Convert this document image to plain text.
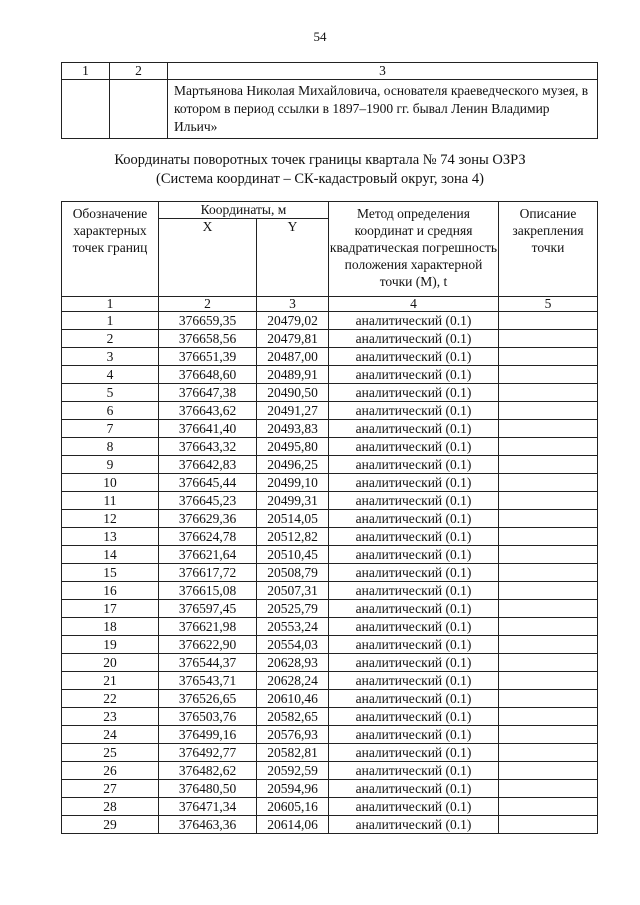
54
1	2	3
		Мартьянова Николая Михайловича, основателя краеведческого музея, в котором в период ссылки в 1897–1900 гг. бывал Ленин Владимир Ильич»
Координаты поворотных точек границы квартала № 74 зоны ОЗРЗ
(Система координат – СК-кадастровый округ, зона 4)
Обозначение характерных точек границ	Координаты, м		Метод определения координат и средняя квадратическая погрешность положения характерной точки (М), t	Описание закрепления точки
	X	Y		
1	2	3	4	5
1	376659,35	20479,02	аналитический (0.1)	
2	376658,56	20479,81	аналитический (0.1)	
3	376651,39	20487,00	аналитический (0.1)	
4	376648,60	20489,91	аналитический (0.1)	
5	376647,38	20490,50	аналитический (0.1)	
6	376643,62	20491,27	аналитический (0.1)	
7	376641,40	20493,83	аналитический (0.1)	
8	376643,32	20495,80	аналитический (0.1)	
9	376642,83	20496,25	аналитический (0.1)	
10	376645,44	20499,10	аналитический (0.1)	
11	376645,23	20499,31	аналитический (0.1)	
12	376629,36	20514,05	аналитический (0.1)	
13	376624,78	20512,82	аналитический (0.1)	
14	376621,64	20510,45	аналитический (0.1)	
15	376617,72	20508,79	аналитический (0.1)	
16	376615,08	20507,31	аналитический (0.1)	
17	376597,45	20525,79	аналитический (0.1)	
18	376621,98	20553,24	аналитический (0.1)	
19	376622,90	20554,03	аналитический (0.1)	
20	376544,37	20628,93	аналитический (0.1)	
21	376543,71	20628,24	аналитический (0.1)	
22	376526,65	20610,46	аналитический (0.1)	
23	376503,76	20582,65	аналитический (0.1)	
24	376499,16	20576,93	аналитический (0.1)	
25	376492,77	20582,81	аналитический (0.1)	
26	376482,62	20592,59	аналитический (0.1)	
27	376480,50	20594,96	аналитический (0.1)	
28	376471,34	20605,16	аналитический (0.1)	
29	376463,36	20614,06	аналитический (0.1)	
